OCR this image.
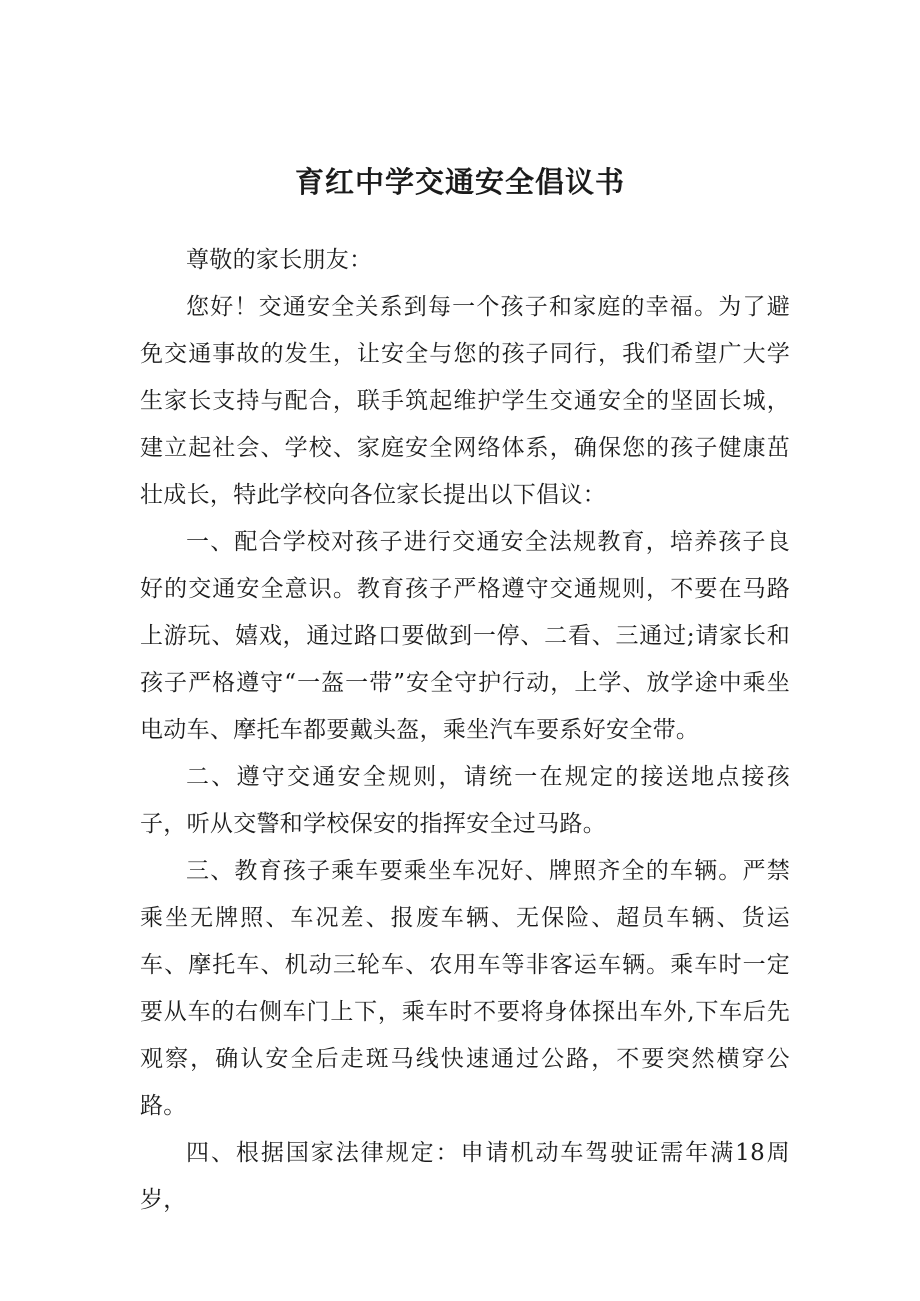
育红中学交通安全倡议书

尊敬的家长朋友：

您好！交通安全关系到每一个孩子和家庭的幸福。为了避免交通事故的发生，让安全与您的孩子同行，我们希望广大学生家长支持与配合，联手筑起维护学生交通安全的坚固长城，建立起社会、学校、家庭安全网络体系，确保您的孩子健康茁壮成长，特此学校向各位家长提出以下倡议：

一、配合学校对孩子进行交通安全法规教育，培养孩子良好的交通安全意识。教育孩子严格遵守交通规则，不要在马路上游玩、嬉戏，通过路口要做到一停、二看、三通过;请家长和孩子严格遵守“一盔一带”安全守护行动，上学、放学途中乘坐电动车、摩托车都要戴头盔，乘坐汽车要系好安全带。

二、遵守交通安全规则，请统一在规定的接送地点接孩子，听从交警和学校保安的指挥安全过马路。

三、教育孩子乘车要乘坐车况好、牌照齐全的车辆。严禁乘坐无牌照、车况差、报废车辆、无保险、超员车辆、货运车、摩托车、机动三轮车、农用车等非客运车辆。乘车时一定要从车的右侧车门上下，乘车时不要将身体探出车外,下车后先观察，确认安全后走斑马线快速通过公路，不要突然横穿公路。

四、根据国家法律规定：申请机动车驾驶证需年满18周岁，
